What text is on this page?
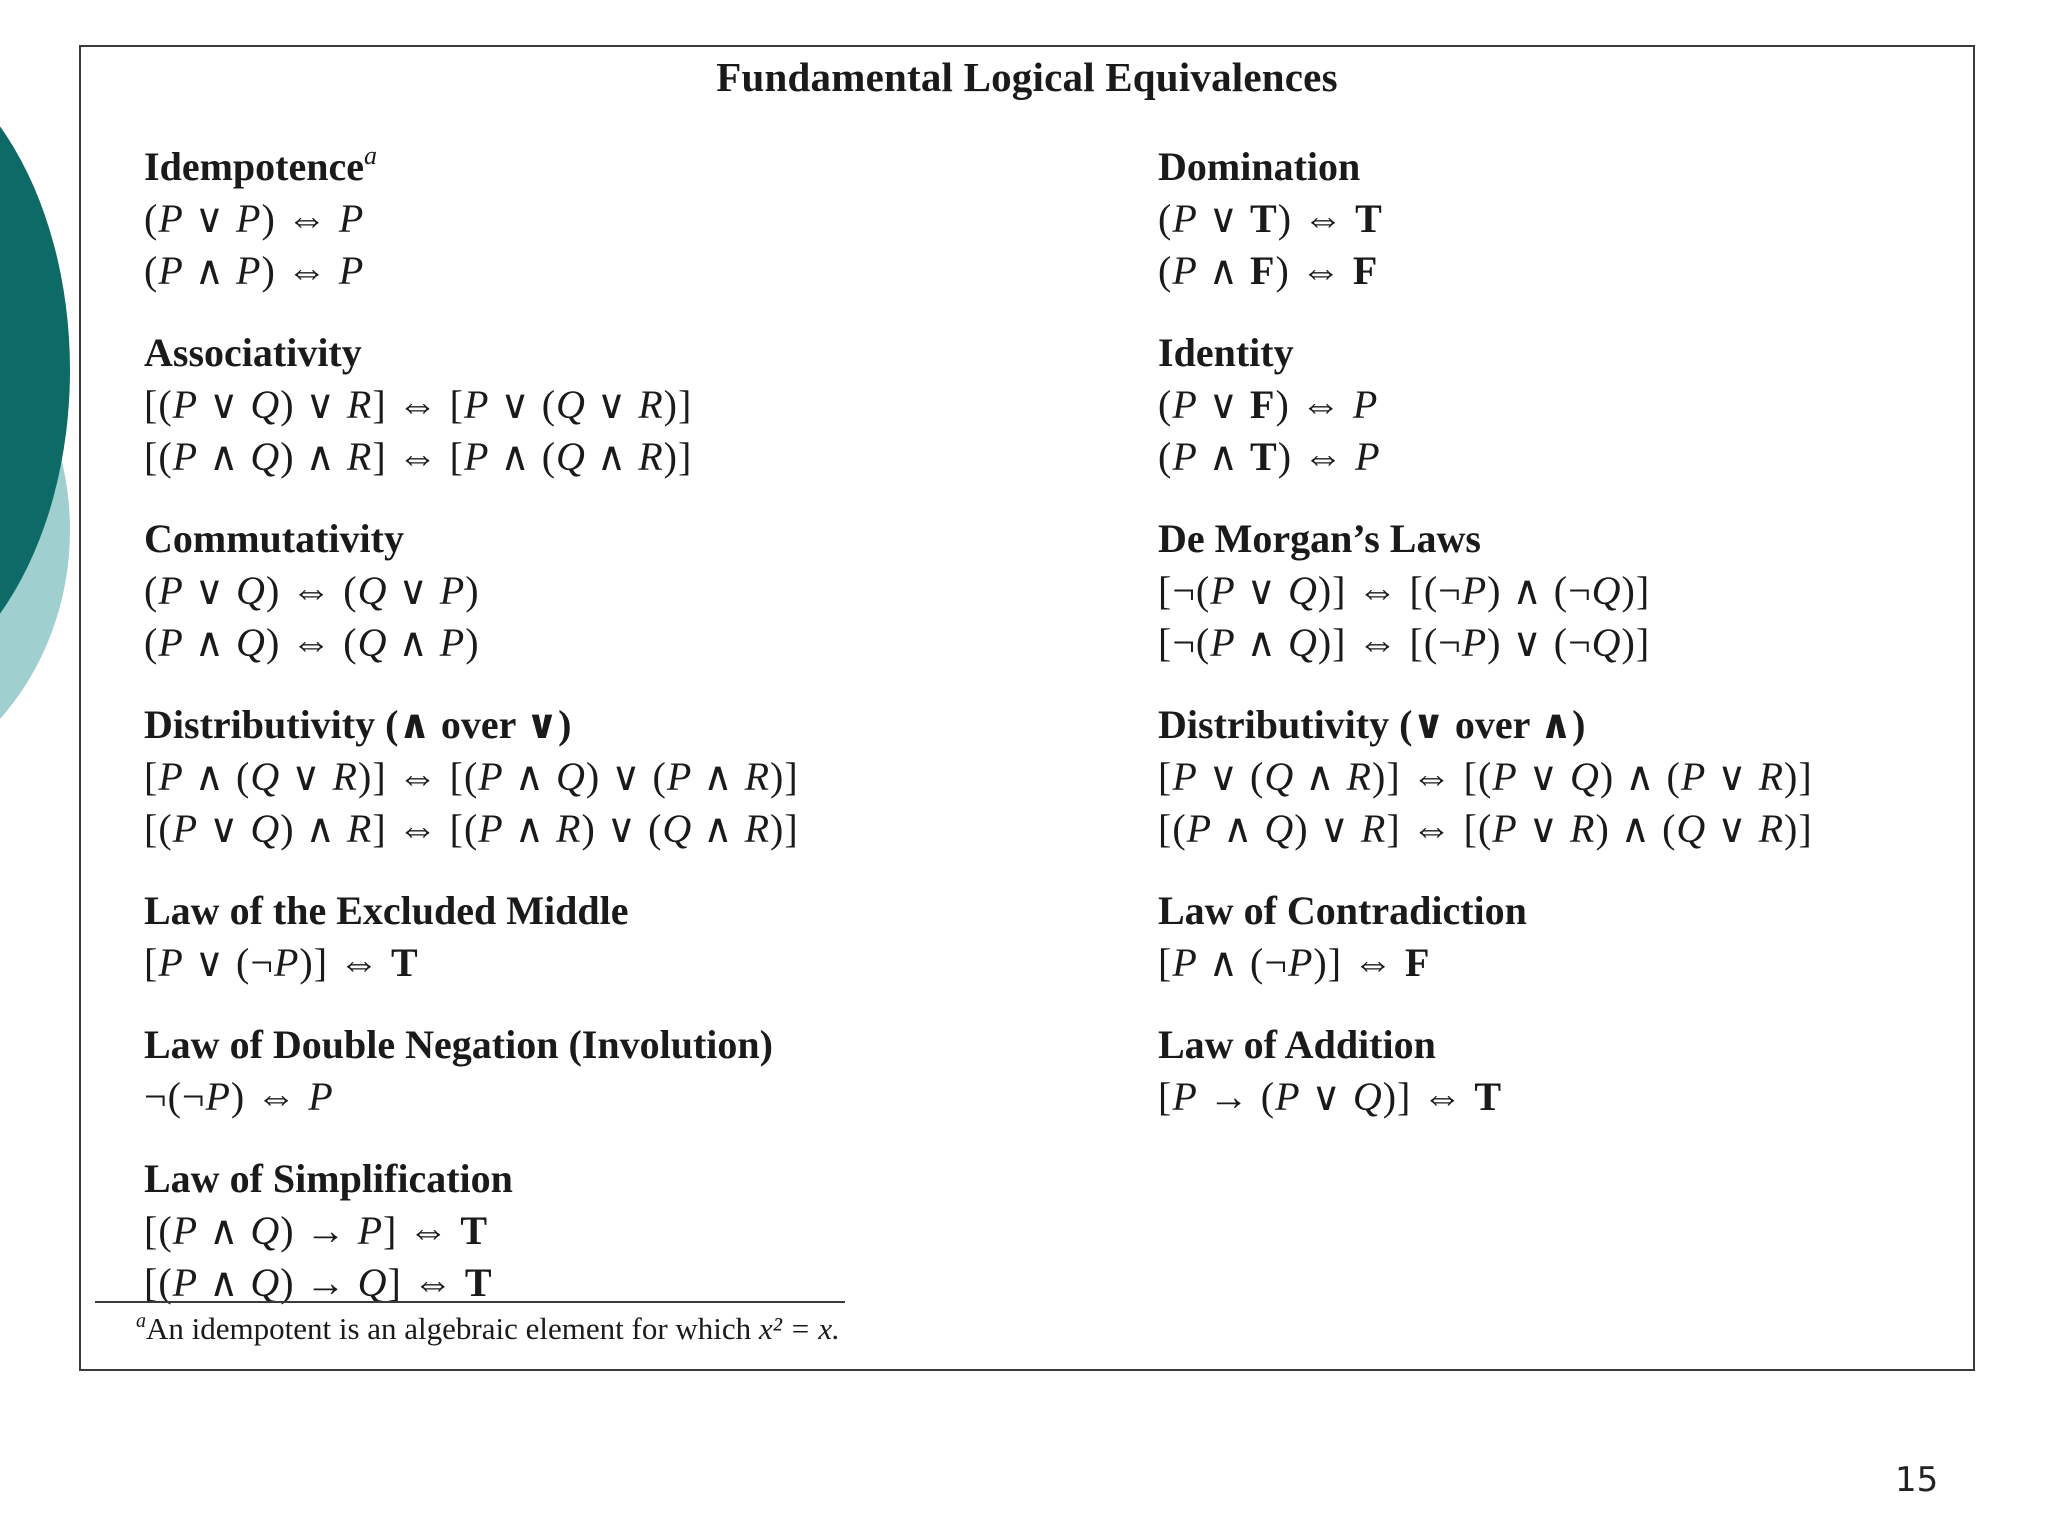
Fundamental Logical Equivalences
Idempotence$^a$
(P ∨ P) ⇔ P
(P ∧ P) ⇔ P
Associativity
[(P ∨ Q) ∨ R] ⇔ [P ∨ (Q ∨ R)]
[(P ∧ Q) ∧ R] ⇔ [P ∧ (Q ∧ R)]
Commutativity
(P ∨ Q) ⇔ (Q ∨ P)
(P ∧ Q) ⇔ (Q ∧ P)
Distributivity (∧ over ∨)
[P ∧ (Q ∨ R)] ⇔ [(P ∧ Q) ∨ (P ∧ R)]
[(P ∨ Q) ∧ R] ⇔ [(P ∧ R) ∨ (Q ∧ R)]
Law of the Excluded Middle
[P ∨ (¬P)] ⇔ T
Law of Double Negation (Involution)
¬(¬P) ⇔ P
Law of Simplification
[(P ∧ Q) → P] ⇔ T
[(P ∧ Q) → Q] ⇔ T
Domination
(P ∨ T) ⇔ T
(P ∧ F) ⇔ F
Identity
(P ∨ F) ⇔ P
(P ∧ T) ⇔ P
De Morgan’s Laws
[¬(P ∨ Q)] ⇔ [(¬P) ∧ (¬Q)]
[¬(P ∧ Q)] ⇔ [(¬P) ∨ (¬Q)]
Distributivity (∨ over ∧)
[P ∨ (Q ∧ R)] ⇔ [(P ∨ Q) ∧ (P ∨ R)]
[(P ∧ Q) ∨ R] ⇔ [(P ∨ R) ∧ (Q ∨ R)]
Law of Contradiction
[P ∧ (¬P)] ⇔ F
Law of Addition
[P → (P ∨ Q)] ⇔ T
$^a$An idempotent is an algebraic element for which x² = x.
15
